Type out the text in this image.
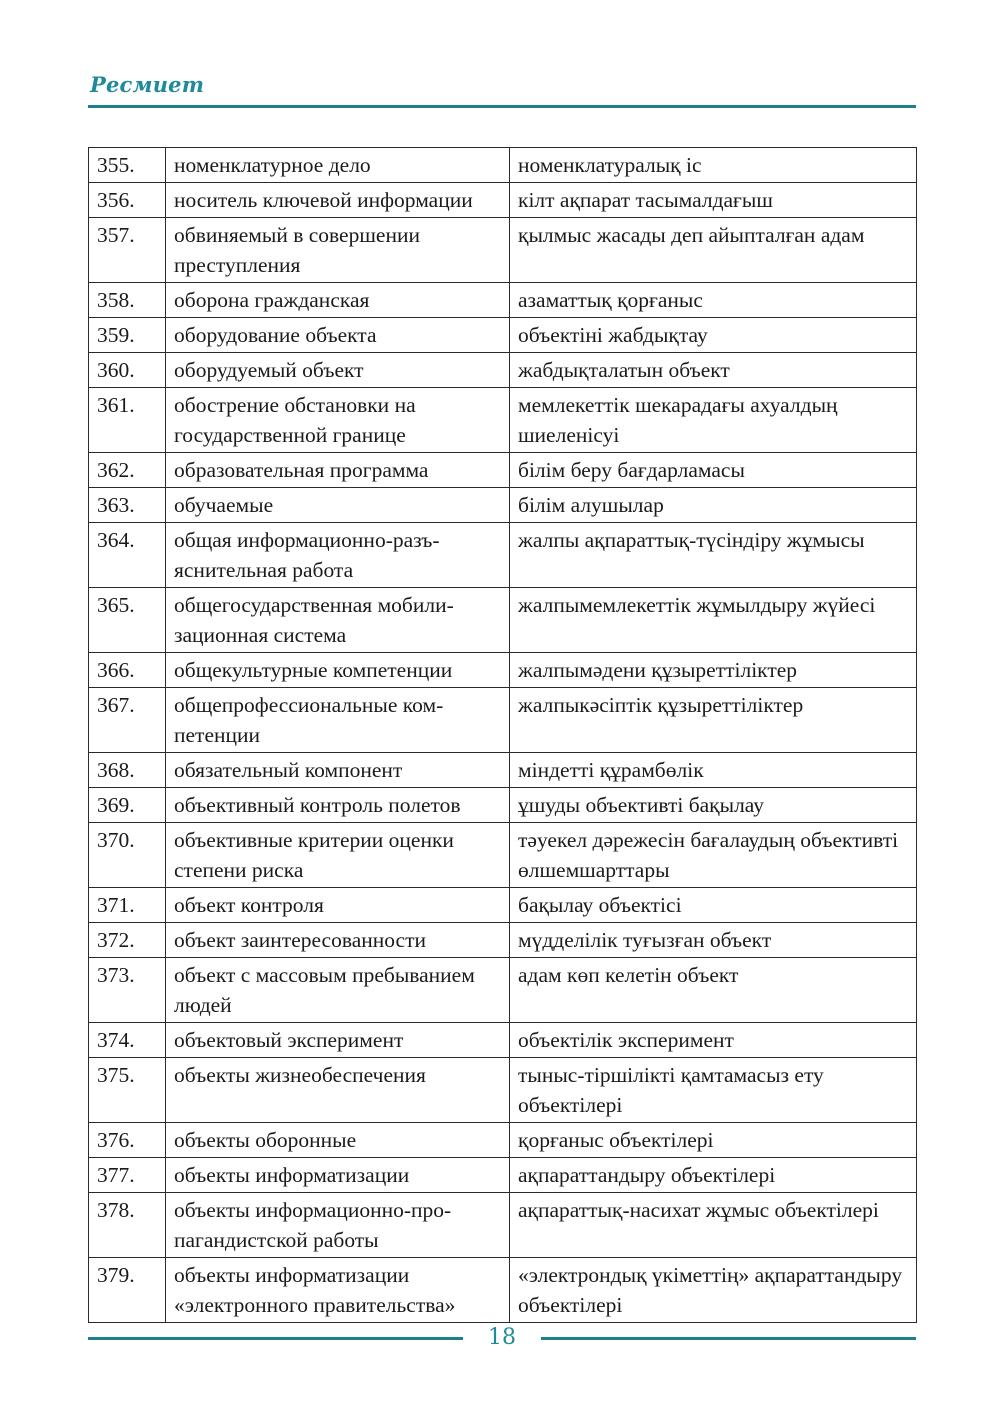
Ресмиет
355.	номенклатурное дело	номенклатуралық іс
356.	носитель ключевой информации	кілт ақпарат тасымалдағыш
357.	обвиняемый в совершении преступления	қылмыс жасады деп айыпталған адам
358.	оборона гражданская	азаматтық қорғаныс
359.	оборудование объекта	объектіні жабдықтау
360.	оборудуемый объект	жабдықталатын объект
361.	обострение обстановки на государственной границе	мемлекеттік шекарадағы ахуалдың шиеленісуі
362.	образовательная программа	білім беру бағдарламасы
363.	обучаемые	білім алушылар
364.	общая информационно-разъяснительная работа	жалпы ақпараттық-түсіндіру жұмысы
365.	общегосударственная мобилизационная система	жалпымемлекеттік жұмылдыру жүйесі
366.	общекультурные компетенции	жалпымәдени құзыреттіліктер
367.	общепрофессиональные компетенции	жалпыкәсіптік құзыреттіліктер
368.	обязательный компонент	міндетті құрамбөлік
369.	объективный контроль полетов	ұшуды объективті бақылау
370.	объективные критерии оценки степени риска	тәуекел дәрежесін бағалаудың объективті өлшемшарттары
371.	объект контроля	бақылау объектісі
372.	объект заинтересованности	мүдделілік туғызған объект
373.	объект с массовым пребыванием людей	адам көп келетін объект
374.	объектовый эксперимент	объектілік эксперимент
375.	объекты жизнеобеспечения	тыныс-тіршілікті қамтамасыз ету объектілері
376.	объекты оборонные	қорғаныс объектілері
377.	объекты информатизации	ақпараттандыру объектілері
378.	объекты информационно-пропагандистской работы	ақпараттық-насихат жұмыс объектілері
379.	объекты информатизации «электронного правительства»	«электрондық үкіметтің» ақпараттандыру объектілері
18
